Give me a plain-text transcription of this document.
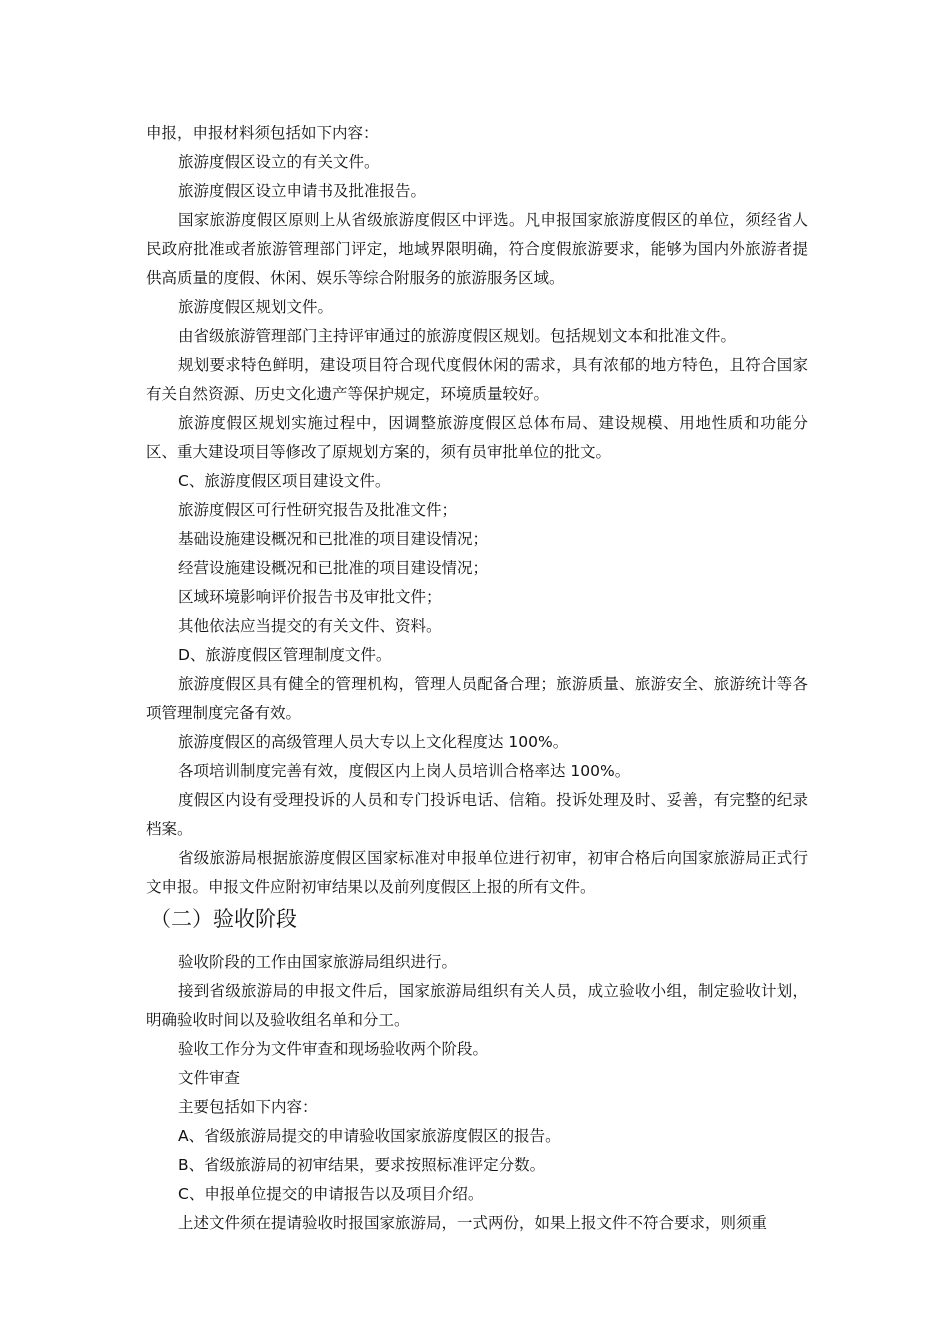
申报，申报材料须包括如下内容：

旅游度假区设立的有关文件。

旅游度假区设立申请书及批准报告。

国家旅游度假区原则上从省级旅游度假区中评选。凡申报国家旅游度假区的单位，须经省人民政府批准或者旅游管理部门评定，地域界限明确，符合度假旅游要求，能够为国内外旅游者提供高质量的度假、休闲、娱乐等综合附服务的旅游服务区域。

旅游度假区规划文件。

由省级旅游管理部门主持评审通过的旅游度假区规划。包括规划文本和批准文件。

规划要求特色鲜明，建设项目符合现代度假休闲的需求，具有浓郁的地方特色，且符合国家有关自然资源、历史文化遗产等保护规定，环境质量较好。

旅游度假区规划实施过程中，因调整旅游度假区总体布局、建设规模、用地性质和功能分区、重大建设项目等修改了原规划方案的，须有员审批单位的批文。

C、旅游度假区项目建设文件。

旅游度假区可行性研究报告及批准文件；

基础设施建设概况和已批准的项目建设情况；

经营设施建设概况和已批准的项目建设情况；

区域环境影响评价报告书及审批文件；

其他依法应当提交的有关文件、资料。

D、旅游度假区管理制度文件。

旅游度假区具有健全的管理机构，管理人员配备合理；旅游质量、旅游安全、旅游统计等各项管理制度完备有效。

旅游度假区的高级管理人员大专以上文化程度达 100%。

各项培训制度完善有效，度假区内上岗人员培训合格率达 100%。

度假区内设有受理投诉的人员和专门投诉电话、信箱。投诉处理及时、妥善，有完整的纪录档案。

省级旅游局根据旅游度假区国家标准对申报单位进行初审，初审合格后向国家旅游局正式行文申报。申报文件应附初审结果以及前列度假区上报的所有文件。

（二）验收阶段

验收阶段的工作由国家旅游局组织进行。

接到省级旅游局的申报文件后，国家旅游局组织有关人员，成立验收小组，制定验收计划，明确验收时间以及验收组名单和分工。

验收工作分为文件审查和现场验收两个阶段。

文件审查

主要包括如下内容：

A、省级旅游局提交的申请验收国家旅游度假区的报告。

B、省级旅游局的初审结果，要求按照标准评定分数。

C、申报单位提交的申请报告以及项目介绍。

上述文件须在提请验收时报国家旅游局，一式两份，如果上报文件不符合要求，则须重
